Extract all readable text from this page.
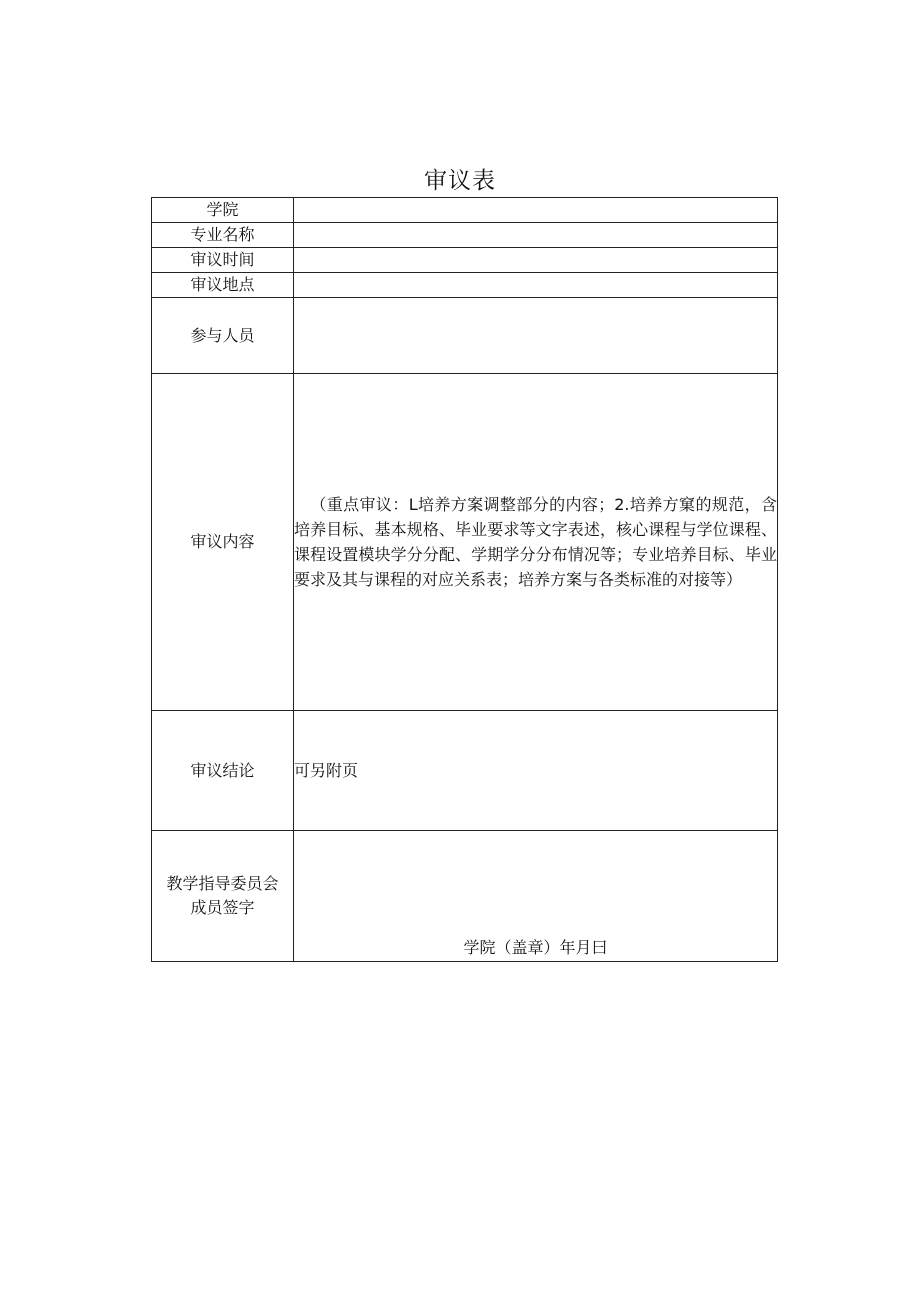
审议表
学院	
专业名称	
审议时间	
审议地点	
参与人员	
审议内容	（重点审议：L培养方案调整部分的内容；2.培养方窠的规范，含培养目标、基本规格、毕业要求等文字表述，核心课程与学位课程、课程设置模块学分分配、学期学分分布情况等；专业培养目标、毕业要求及其与课程的对应关系表；培养方案与各类标准的对接等）
审议结论	可另附页
教学指导委员会
成员签字	学院（盖章）年月曰
